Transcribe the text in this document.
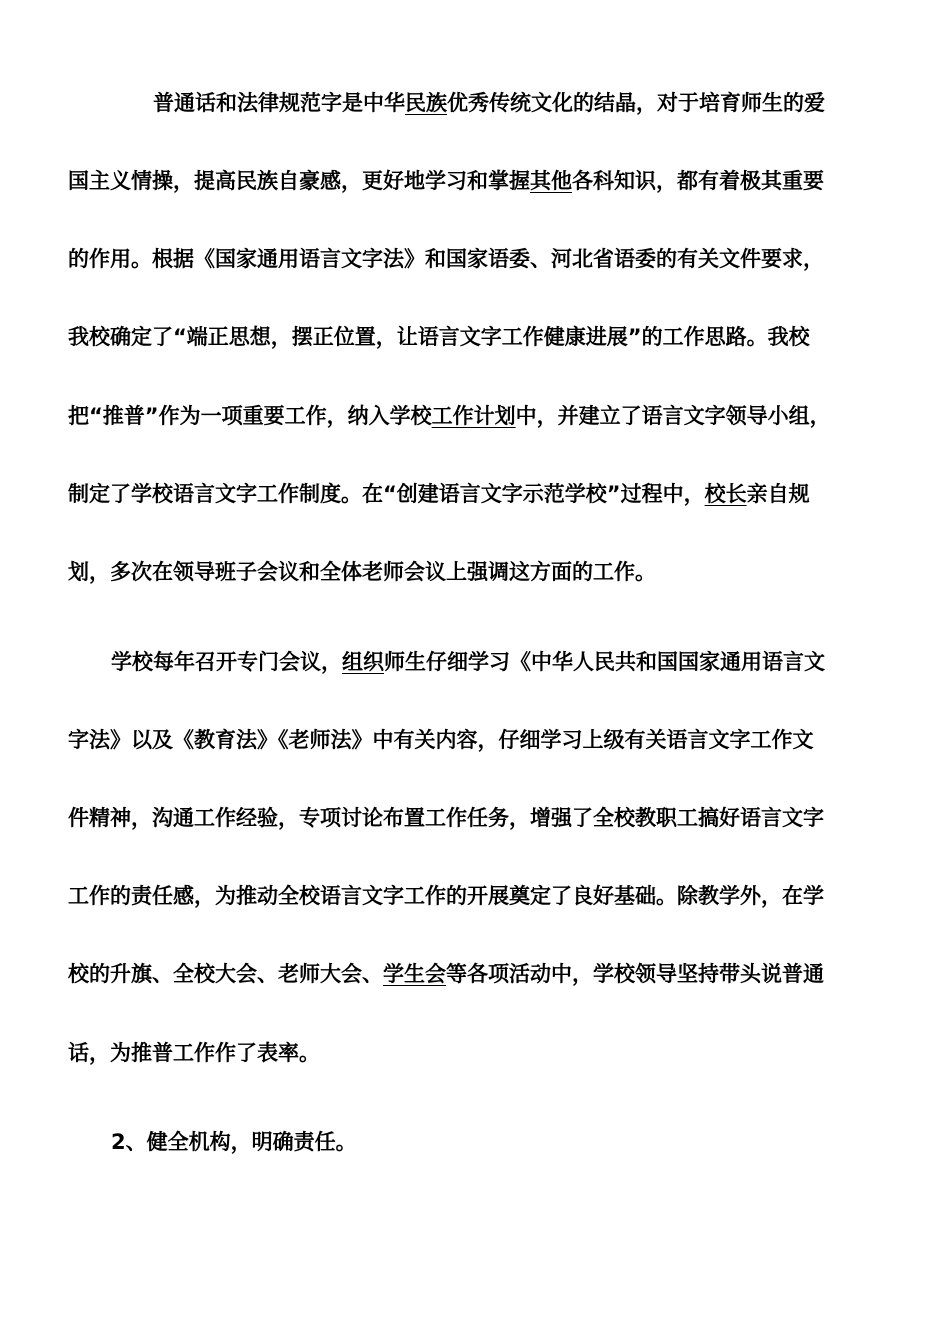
普通话和法律规范字是中华民族优秀传统文化的结晶，对于培育师生的爱
国主义情操，提高民族自豪感，更好地学习和掌握其他各科知识，都有着极其重要
的作用。根据《国家通用语言文字法》和国家语委、河北省语委的有关文件要求，
我校确定了“端正思想，摆正位置，让语言文字工作健康进展”的工作思路。我校
把“推普”作为一项重要工作，纳入学校工作计划中，并建立了语言文字领导小组，
制定了学校语言文字工作制度。在“创建语言文字示范学校”过程中，校长亲自规
划，多次在领导班子会议和全体老师会议上强调这方面的工作。
学校每年召开专门会议，组织师生仔细学习《中华人民共和国国家通用语言文
字法》以及《教育法》《老师法》中有关内容，仔细学习上级有关语言文字工作文
件精神，沟通工作经验，专项讨论布置工作任务，增强了全校教职工搞好语言文字
工作的责任感，为推动全校语言文字工作的开展奠定了良好基础。除教学外，在学
校的升旗、全校大会、老师大会、学生会等各项活动中，学校领导坚持带头说普通
话，为推普工作作了表率。
2、健全机构，明确责任。
